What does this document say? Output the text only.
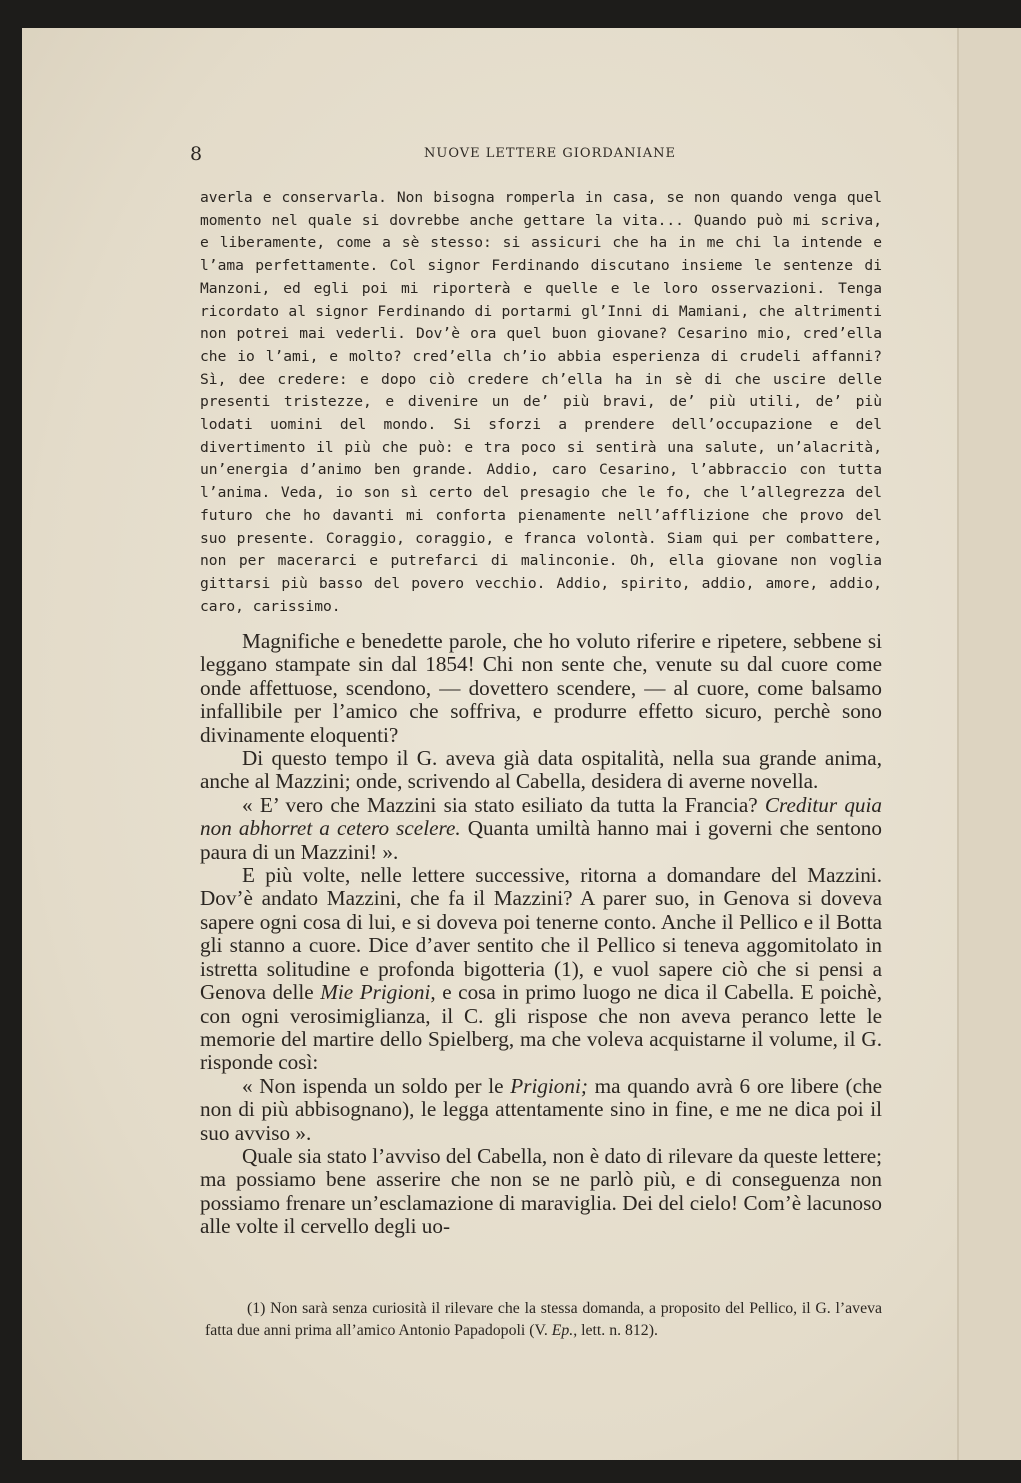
8	NUOVE LETTERE GIORDANIANE

averla e conservarla. Non bisogna romperla in casa, se non quando venga quel momento nel quale si dovrebbe anche gettare la vita... Quando può mi scriva, e liberamente, come a sè stesso: si assicuri che ha in me chi la intende e l’ama perfettamente. Col signor Ferdinando discutano insieme le sentenze di Manzoni, ed egli poi mi riporterà e quelle e le loro osservazioni. Tenga ricordato al signor Ferdinando di portarmi gl’Inni di Mamiani, che altrimenti non potrei mai vederli. Dov’è ora quel buon giovane? Cesarino mio, cred’ella che io l’ami, e molto? cred’ella ch’io abbia esperienza di crudeli affanni? Sì, dee credere: e dopo ciò credere ch’ella ha in sè di che uscire delle presenti tristezze, e divenire un de’ più bravi, de’ più utili, de’ più lodati uomini del mondo. Si sforzi a prendere dell’occupazione e del divertimento il più che può: e tra poco si sentirà una salute, un’alacrità, un’energia d’animo ben grande. Addio, caro Cesarino, l’abbraccio con tutta l’anima. Veda, io son sì certo del presagio che le fo, che l’allegrezza del futuro che ho davanti mi conforta pienamente nell’afflizione che provo del suo presente. Coraggio, coraggio, e franca volontà. Siam qui per combattere, non per macerarci e putrefarci di malinconie. Oh, ella giovane non voglia gittarsi più basso del povero vecchio. Addio, spirito, addio, amore, addio, caro, carissimo.

Magnifiche e benedette parole, che ho voluto riferire e ripetere, sebbene si leggano stampate sin dal 1854! Chi non sente che, venute su dal cuore come onde affettuose, scendono, — dovettero scendere, — al cuore, come balsamo infallibile per l’amico che soffriva, e produrre effetto sicuro, perchè sono divinamente eloquenti?

Di questo tempo il G. aveva già data ospitalità, nella sua grande anima, anche al Mazzini; onde, scrivendo al Cabella, desidera di averne novella.

« E’ vero che Mazzini sia stato esiliato da tutta la Francia? Creditur quia non abhorret a cetero scelere. Quanta umiltà hanno mai i governi che sentono paura di un Mazzini! ».

E più volte, nelle lettere successive, ritorna a domandare del Mazzini. Dov’è andato Mazzini, che fa il Mazzini? A parer suo, in Genova si doveva sapere ogni cosa di lui, e si doveva poi tenerne conto. Anche il Pellico e il Botta gli stanno a cuore. Dice d’aver sentito che il Pellico si teneva aggomitolato in istretta solitudine e profonda bigotteria (1), e vuol sapere ciò che si pensi a Genova delle Mie Prigioni, e cosa in primo luogo ne dica il Cabella. E poichè, con ogni verosimiglianza, il C. gli rispose che non aveva peranco lette le memorie del martire dello Spielberg, ma che voleva acquistarne il volume, il G. risponde così:

« Non ispenda un soldo per le Prigioni; ma quando avrà 6 ore libere (che non di più abbisognano), le legga attentamente sino in fine, e me ne dica poi il suo avviso ».

Quale sia stato l’avviso del Cabella, non è dato di rilevare da queste lettere; ma possiamo bene asserire che non se ne parlò più, e di conseguenza non possiamo frenare un’esclamazione di maraviglia. Dei del cielo! Com’è lacunoso alle volte il cervello degli uo-

(1) Non sarà senza curiosità il rilevare che la stessa domanda, a proposito del Pellico, il G. l’aveva fatta due anni prima all’amico Antonio Papadopoli (V. Ep., lett. n. 812).
